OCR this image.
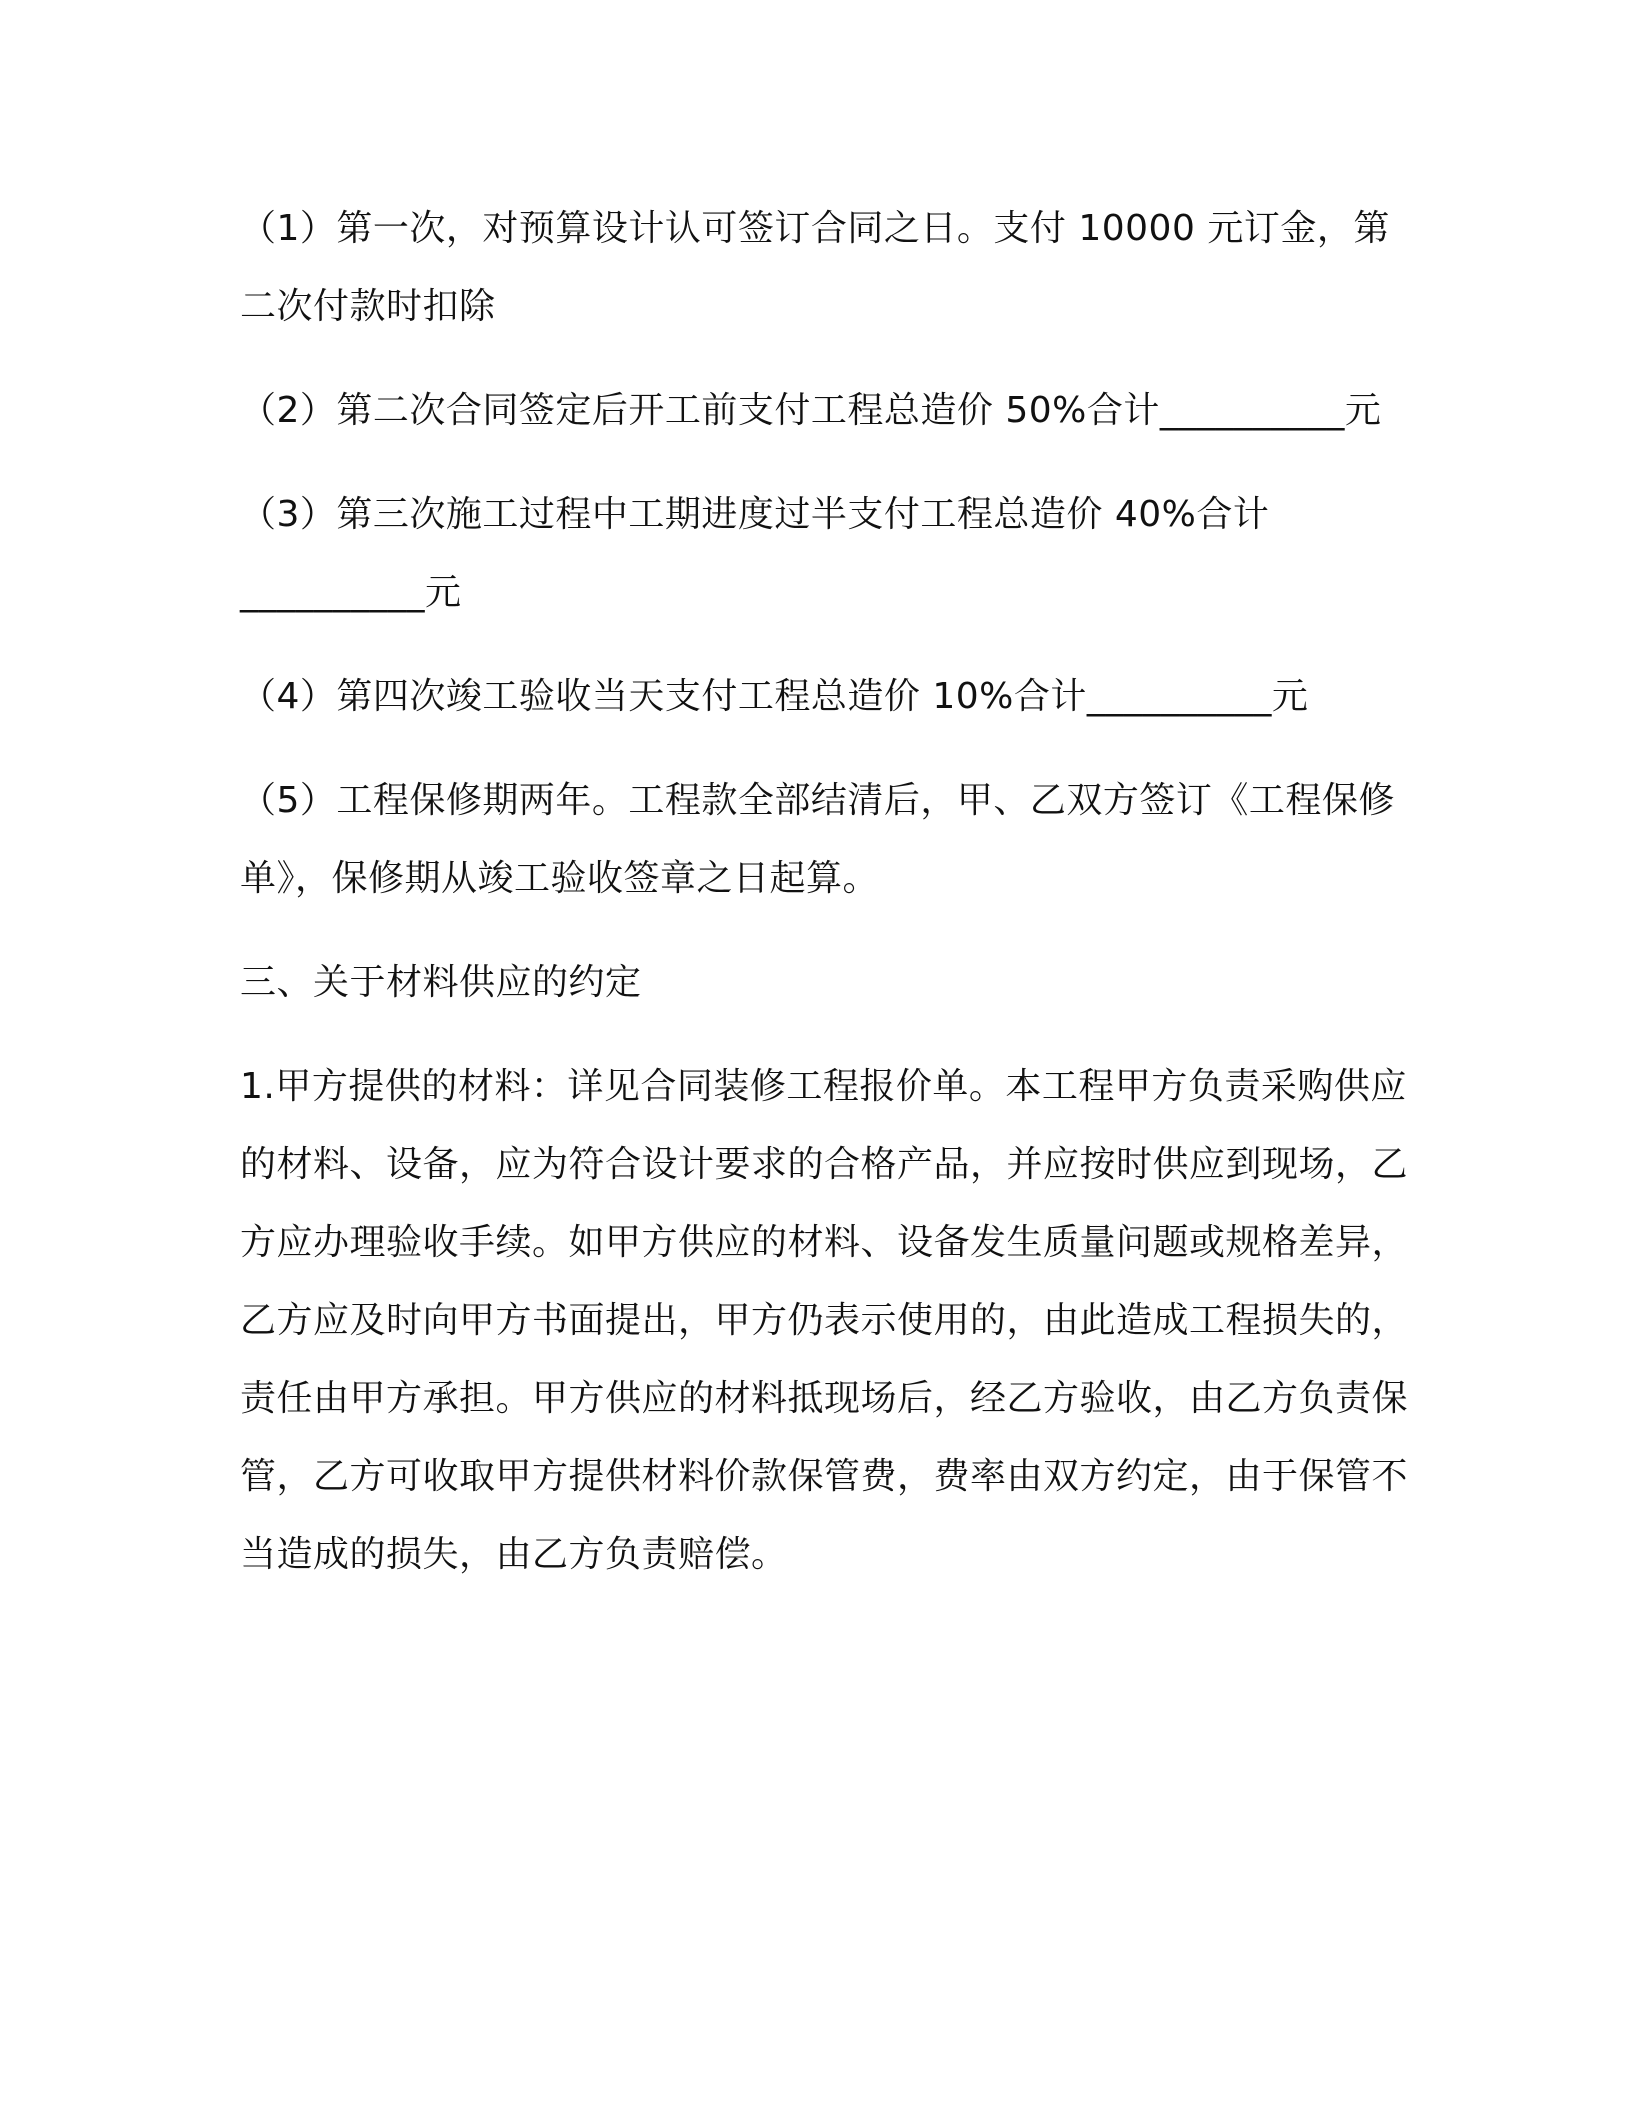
（1）第一次，对预算设计认可签订合同之日。支付 10000 元订金，第二次付款时扣除

（2）第二次合同签定后开工前支付工程总造价 50%合计__________元

（3）第三次施工过程中工期进度过半支付工程总造价 40%合计__________元

（4）第四次竣工验收当天支付工程总造价 10%合计__________元

（5）工程保修期两年。工程款全部结清后，甲、乙双方签订《工程保修单》，保修期从竣工验收签章之日起算。

三、关于材料供应的约定

1.甲方提供的材料：详见合同装修工程报价单。本工程甲方负责采购供应的材料、设备，应为符合设计要求的合格产品，并应按时供应到现场，乙方应办理验收手续。如甲方供应的材料、设备发生质量问题或规格差异，乙方应及时向甲方书面提出，甲方仍表示使用的，由此造成工程损失的，责任由甲方承担。甲方供应的材料抵现场后，经乙方验收，由乙方负责保管，乙方可收取甲方提供材料价款保管费，费率由双方约定，由于保管不当造成的损失，由乙方负责赔偿。
